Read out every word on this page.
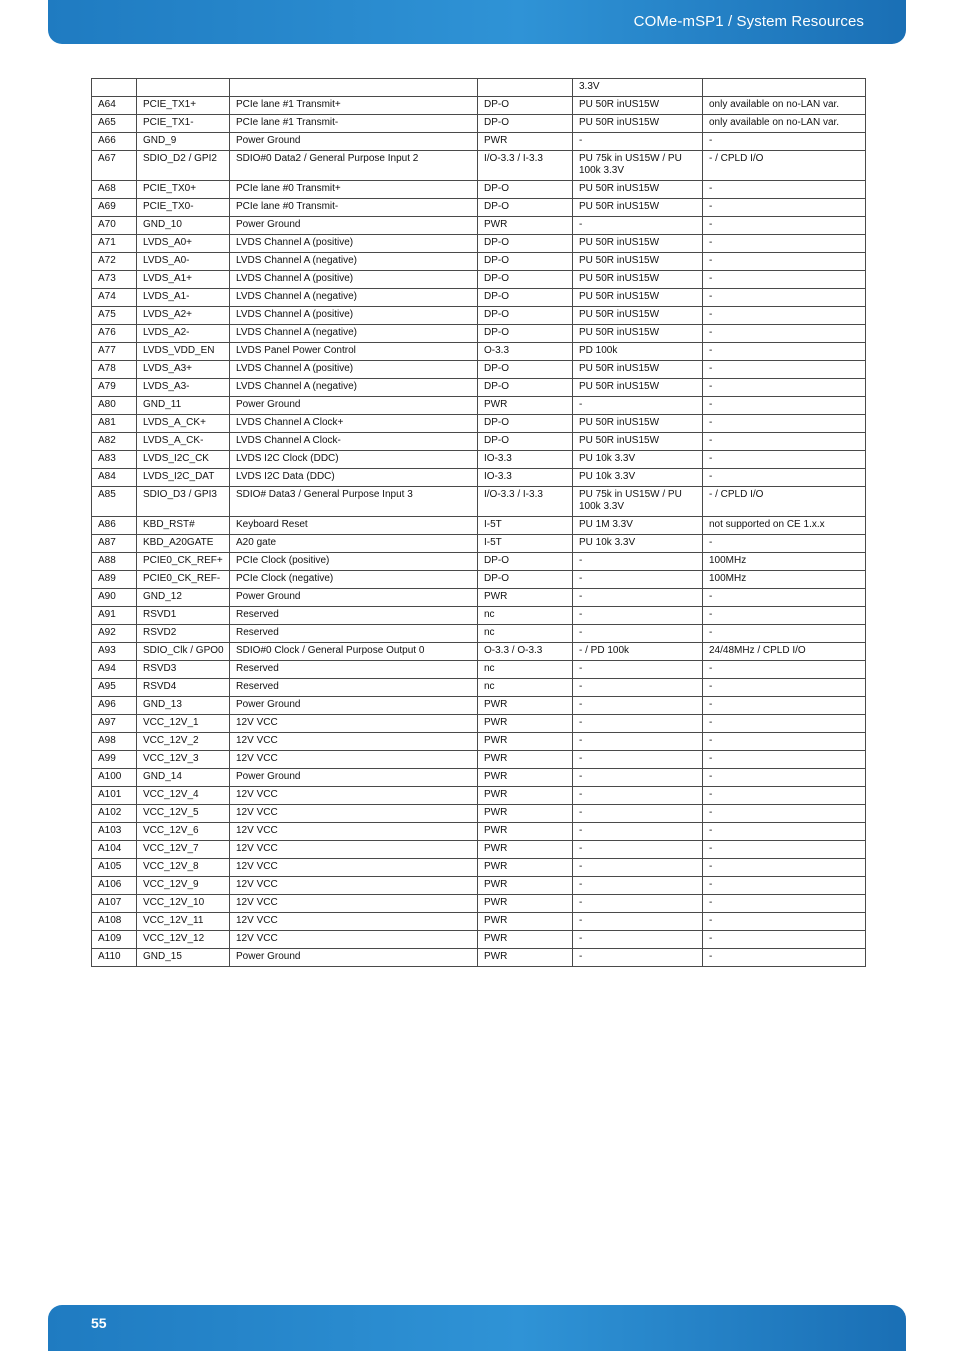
COMe-mSP1 / System Resources
				3.3V	
A64	PCIE_TX1+	PCIe lane #1 Transmit+	DP-O	PU 50R inUS15W	only available on no-LAN var.
A65	PCIE_TX1-	PCIe lane #1 Transmit-	DP-O	PU 50R inUS15W	only available on no-LAN var.
A66	GND_9	Power Ground	PWR	-	-
A67	SDIO_D2 / GPI2	SDIO#0 Data2 / General Purpose Input 2	I/O-3.3 / I-3.3	PU 75k in US15W / PU 100k 3.3V	- / CPLD I/O
A68	PCIE_TX0+	PCIe lane #0 Transmit+	DP-O	PU 50R inUS15W	-
A69	PCIE_TX0-	PCIe lane #0 Transmit-	DP-O	PU 50R inUS15W	-
A70	GND_10	Power Ground	PWR	-	-
A71	LVDS_A0+	LVDS Channel A (positive)	DP-O	PU 50R inUS15W	-
A72	LVDS_A0-	LVDS Channel A (negative)	DP-O	PU 50R inUS15W	-
A73	LVDS_A1+	LVDS Channel A (positive)	DP-O	PU 50R inUS15W	-
A74	LVDS_A1-	LVDS Channel A (negative)	DP-O	PU 50R inUS15W	-
A75	LVDS_A2+	LVDS Channel A (positive)	DP-O	PU 50R inUS15W	-
A76	LVDS_A2-	LVDS Channel A (negative)	DP-O	PU 50R inUS15W	-
A77	LVDS_VDD_EN	LVDS Panel Power Control	O-3.3	PD 100k	-
A78	LVDS_A3+	LVDS Channel A (positive)	DP-O	PU 50R inUS15W	-
A79	LVDS_A3-	LVDS Channel A (negative)	DP-O	PU 50R inUS15W	-
A80	GND_11	Power Ground	PWR	-	-
A81	LVDS_A_CK+	LVDS Channel A Clock+	DP-O	PU 50R inUS15W	-
A82	LVDS_A_CK-	LVDS Channel A Clock-	DP-O	PU 50R inUS15W	-
A83	LVDS_I2C_CK	LVDS I2C Clock (DDC)	IO-3.3	PU 10k 3.3V	-
A84	LVDS_I2C_DAT	LVDS I2C Data (DDC)	IO-3.3	PU 10k 3.3V	-
A85	SDIO_D3 / GPI3	SDIO# Data3 / General Purpose Input 3	I/O-3.3 / I-3.3	PU 75k in US15W / PU 100k 3.3V	- / CPLD I/O
A86	KBD_RST#	Keyboard Reset	I-5T	PU 1M 3.3V	not supported on CE 1.x.x
A87	KBD_A20GATE	A20 gate	I-5T	PU 10k 3.3V	-
A88	PCIE0_CK_REF+	PCIe Clock (positive)	DP-O	-	100MHz
A89	PCIE0_CK_REF-	PCIe Clock (negative)	DP-O	-	100MHz
A90	GND_12	Power Ground	PWR	-	-
A91	RSVD1	Reserved	nc	-	-
A92	RSVD2	Reserved	nc	-	-
A93	SDIO_Clk / GPO0	SDIO#0 Clock / General Purpose Output 0	O-3.3 / O-3.3	- / PD 100k	24/48MHz / CPLD I/O
A94	RSVD3	Reserved	nc	-	-
A95	RSVD4	Reserved	nc	-	-
A96	GND_13	Power Ground	PWR	-	-
A97	VCC_12V_1	12V VCC	PWR	-	-
A98	VCC_12V_2	12V VCC	PWR	-	-
A99	VCC_12V_3	12V VCC	PWR	-	-
A100	GND_14	Power Ground	PWR	-	-
A101	VCC_12V_4	12V VCC	PWR	-	-
A102	VCC_12V_5	12V VCC	PWR	-	-
A103	VCC_12V_6	12V VCC	PWR	-	-
A104	VCC_12V_7	12V VCC	PWR	-	-
A105	VCC_12V_8	12V VCC	PWR	-	-
A106	VCC_12V_9	12V VCC	PWR	-	-
A107	VCC_12V_10	12V VCC	PWR	-	-
A108	VCC_12V_11	12V VCC	PWR	-	-
A109	VCC_12V_12	12V VCC	PWR	-	-
A110	GND_15	Power Ground	PWR	-	-
55
